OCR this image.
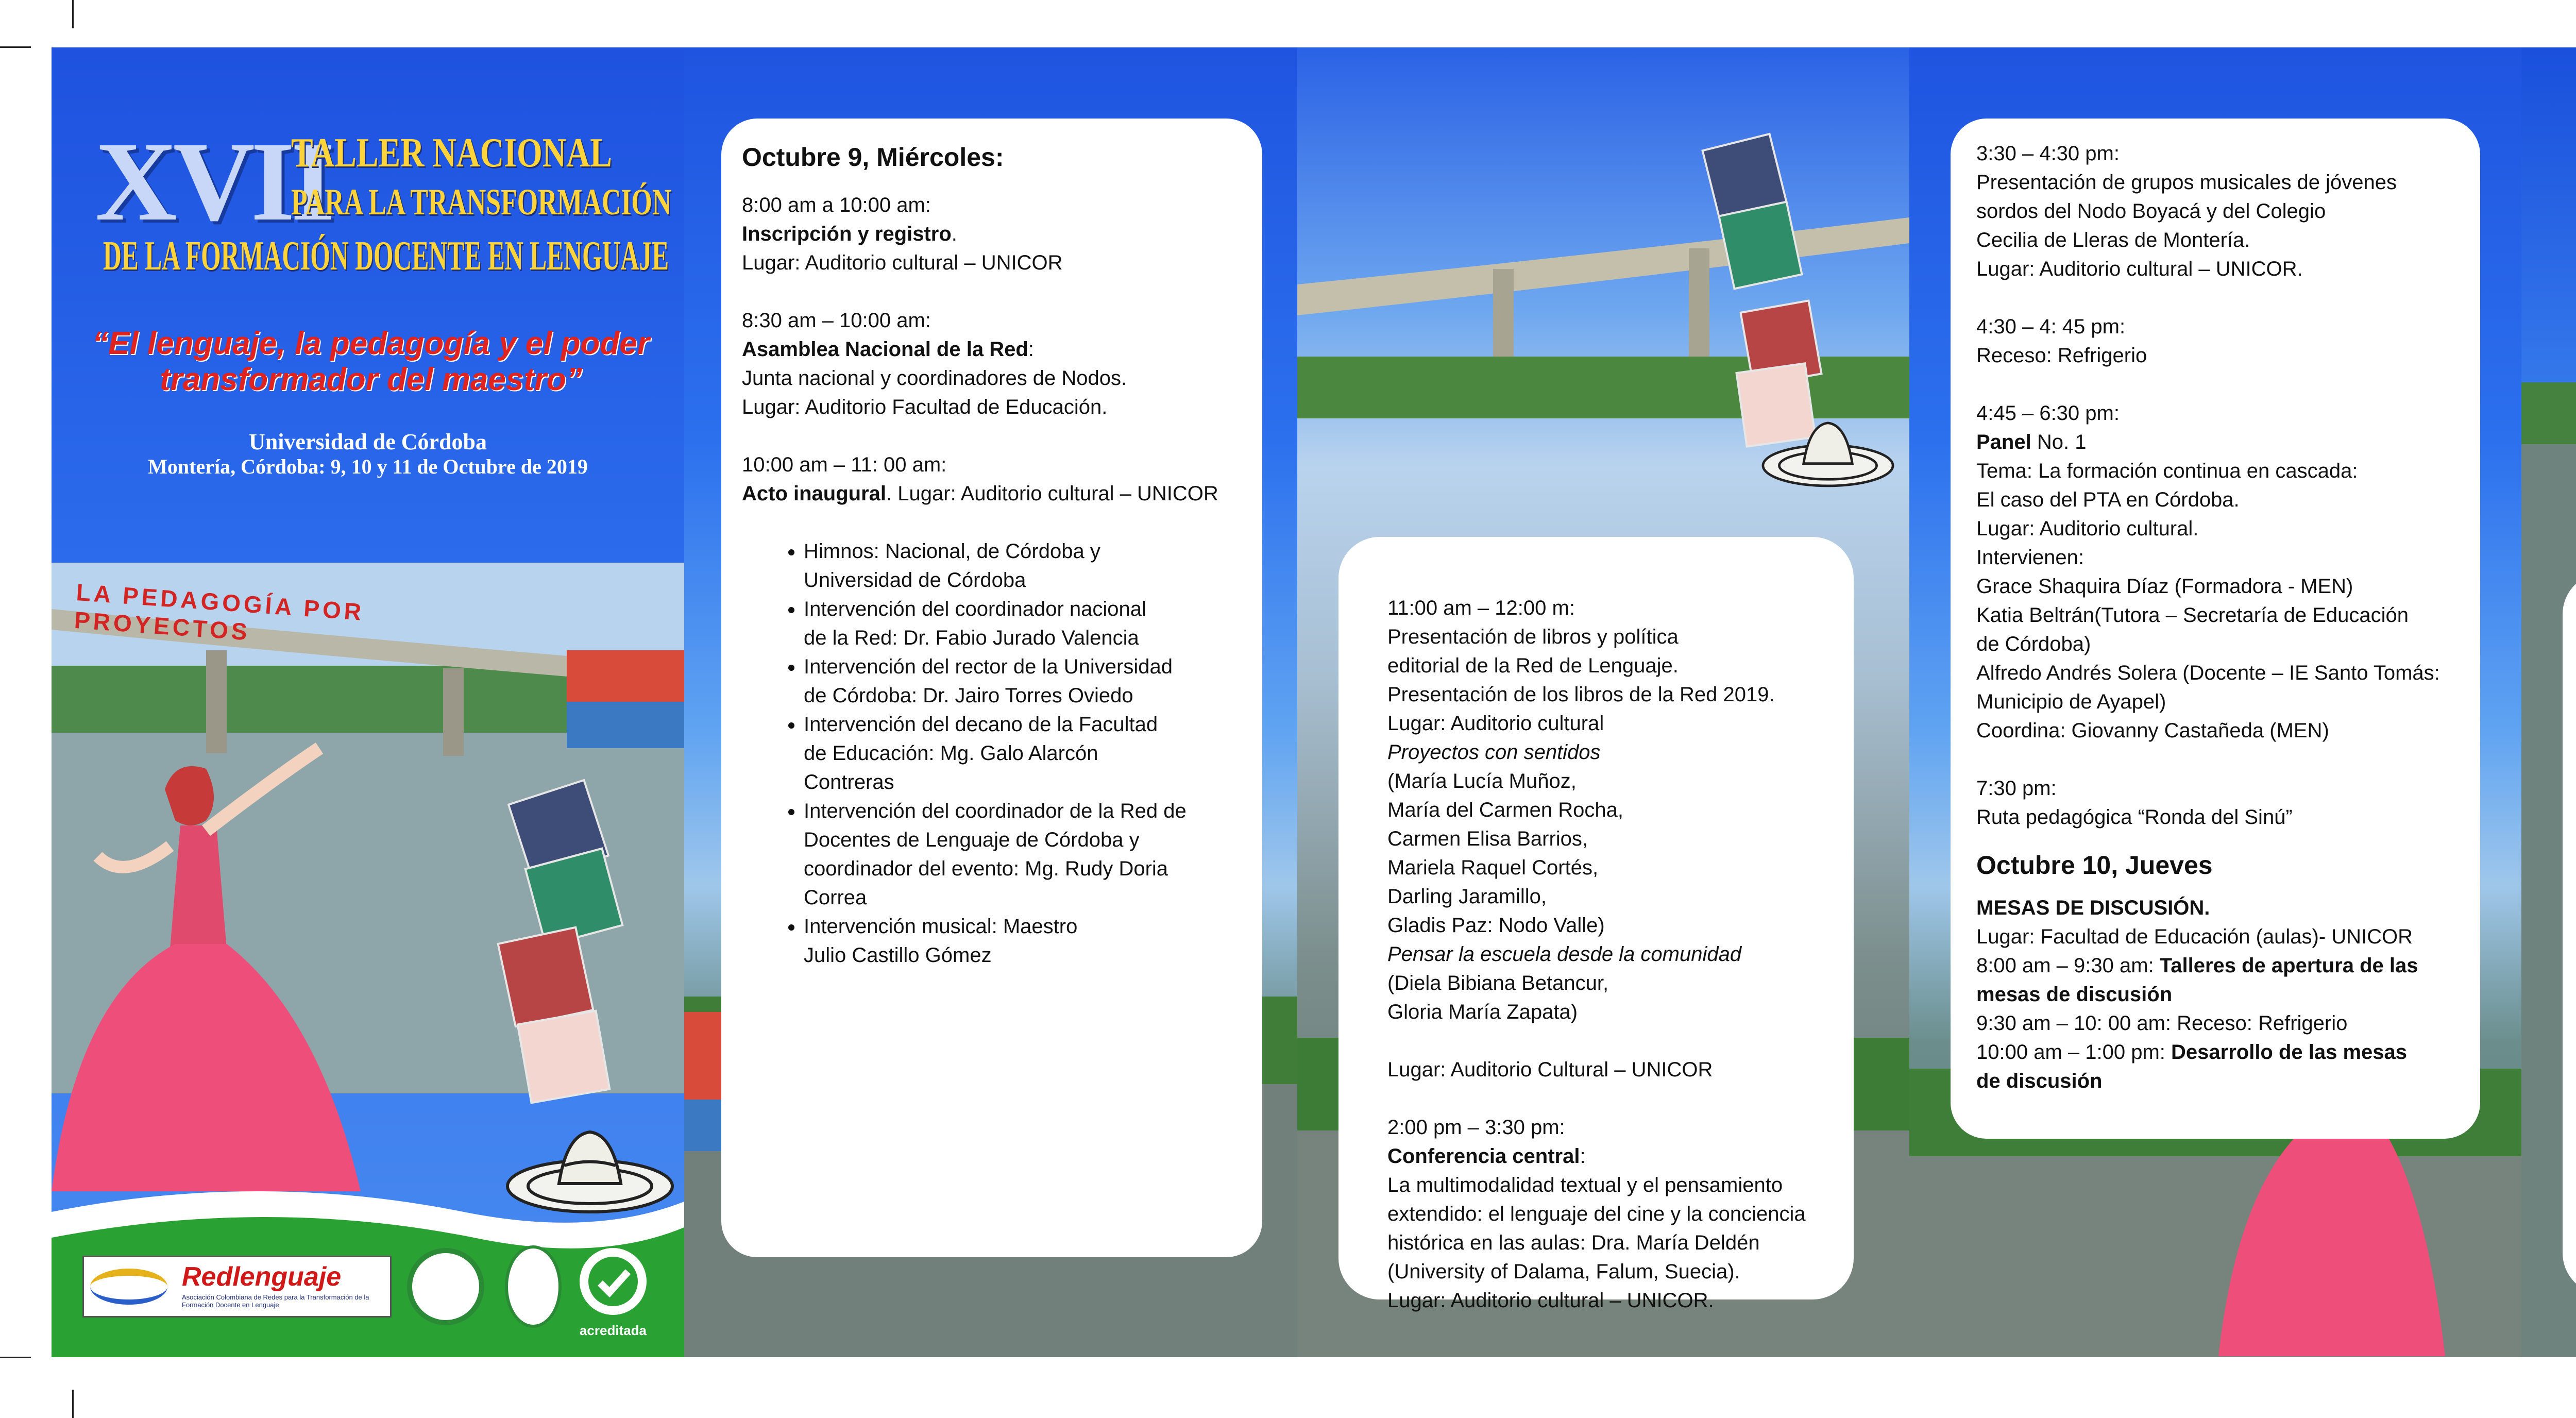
LA PEDAGOGÍA POR PROYECTOS
XVII
TALLER NACIONAL
PARA LA TRANSFORMACIÓN
DE LA FORMACIÓN DOCENTE EN LENGUAJE
“El lenguaje, la pedagogía y el poder transformador del maestro”
Universidad de Córdoba
Montería, Córdoba: 9, 10 y 11 de Octubre de 2019
Redlenguaje
Asociación Colombiana de Redes para la Transformación de la Formación Docente en Lenguaje
acreditada

Octubre 9, Miércoles:

8:00 am a 10:00 am:

Inscripción y registro.

Lugar: Auditorio cultural – UNICOR

8:30 am – 10:00 am:

Asamblea Nacional de la Red:

Junta nacional y coordinadores de Nodos.

Lugar: Auditorio Facultad de Educación.

10:00 am – 11: 00 am:

Acto inaugural. Lugar: Auditorio cultural – UNICOR

• Himnos: Nacional, de Córdoba y Universidad de Córdoba
• Intervención del coordinador nacional de la Red: Dr. Fabio Jurado Valencia
• Intervención del rector de la Universidad de Córdoba: Dr. Jairo Torres Oviedo
• Intervención del decano de la Facultad de Educación: Mg. Galo Alarcón Contreras
• Intervención del coordinador de la Red de Docentes de Lenguaje de Córdoba y coordinador del evento: Mg. Rudy Doria Correa
• Intervención musical: Maestro Julio Castillo Gómez

11:00 am – 12:00 m:

Presentación de libros y política

editorial de la Red de Lenguaje.

Presentación de los libros de la Red 2019.

Lugar: Auditorio cultural

Proyectos con sentidos

(María Lucía Muñoz,

María del Carmen Rocha,

Carmen Elisa Barrios,

Mariela Raquel Cortés,

Darling Jaramillo,

Gladis Paz: Nodo Valle)

Pensar la escuela desde la comunidad

(Diela Bibiana Betancur,

Gloria María Zapata)

Lugar: Auditorio Cultural – UNICOR

2:00 pm – 3:30 pm:

Conferencia central:

La multimodalidad textual y el pensamiento

extendido: el lenguaje del cine y la conciencia

histórica en las aulas: Dra. María Deldén

(University of Dalama, Falum, Suecia).

Lugar: Auditorio cultural – UNICOR.

3:30 – 4:30 pm:

Presentación de grupos musicales de jóvenes

sordos del Nodo Boyacá y del Colegio

Cecilia de Lleras de Montería.

Lugar: Auditorio cultural – UNICOR.

4:30 – 4: 45 pm:

Receso: Refrigerio

4:45 – 6:30 pm:

Panel No. 1

Tema: La formación continua en cascada:

El caso del PTA en Córdoba.

Lugar: Auditorio cultural.

Intervienen:

Grace Shaquira Díaz (Formadora - MEN)

Katia Beltrán(Tutora – Secretaría de Educación

de Córdoba)

Alfredo Andrés Solera (Docente – IE Santo Tomás:

Municipio de Ayapel)

Coordina: Giovanny Castañeda (MEN)

7:30 pm:

Ruta pedagógica “Ronda del Sinú”

Octubre 10, Jueves

MESAS DE DISCUSIÓN.

Lugar: Facultad de Educación (aulas)- UNICOR

8:00 am – 9:30 am: Talleres de apertura de las

mesas de discusión

9:30 am – 10: 00 am: Receso: Refrigerio

10:00 am – 1:00 pm: Desarrollo de las mesas

de discusión
